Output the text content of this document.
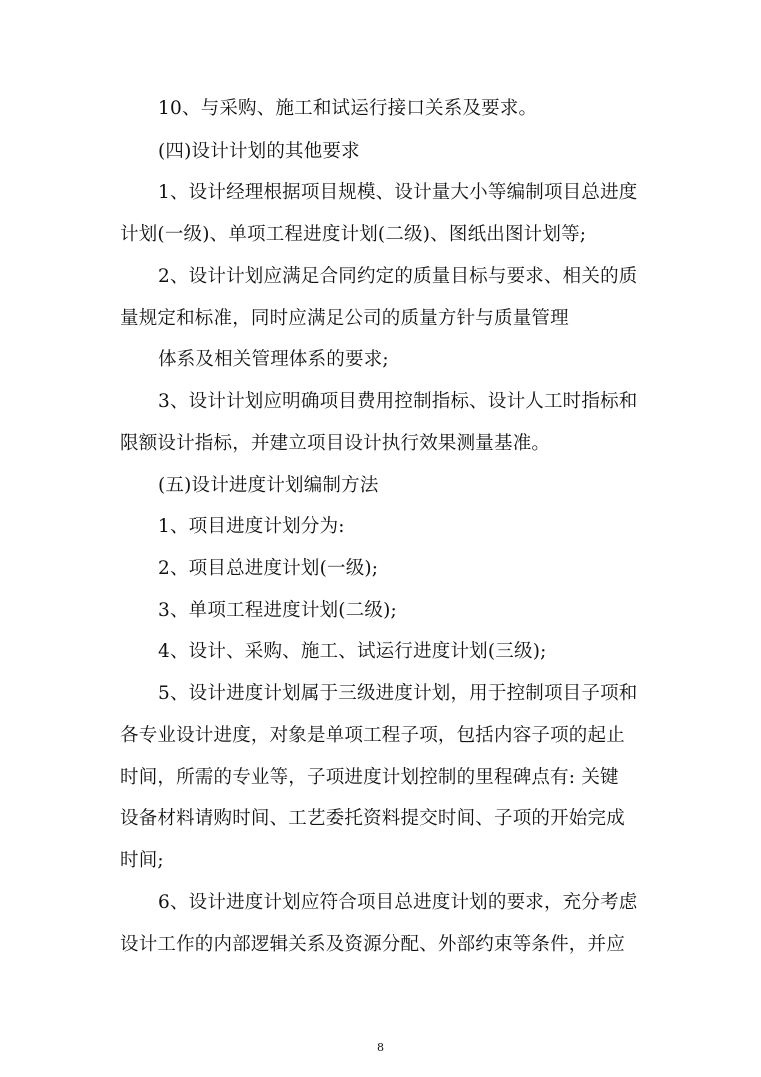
10、与采购、施工和试运行接口关系及要求。
(四)设计计划的其他要求
1、设计经理根据项目规模、设计量大小等编制项目总进度
计划(一级)、单项工程进度计划(二级)、图纸出图计划等;
2、设计计划应满足合同约定的质量目标与要求、相关的质
量规定和标准，同时应满足公司的质量方针与质量管理
体系及相关管理体系的要求;
3、设计计划应明确项目费用控制指标、设计人工时指标和
限额设计指标，并建立项目设计执行效果测量基准。
(五)设计进度计划编制方法
1、项目进度计划分为:
2、项目总进度计划(一级);
3、单项工程进度计划(二级);
4、设计、采购、施工、试运行进度计划(三级);
5、设计进度计划属于三级进度计划，用于控制项目子项和
各专业设计进度，对象是单项工程子项，包括内容子项的起止
时间，所需的专业等，子项进度计划控制的里程碑点有: 关键
设备材料请购时间、工艺委托资料提交时间、子项的开始完成
时间;
6、设计进度计划应符合项目总进度计划的要求，充分考虑
设计工作的内部逻辑关系及资源分配、外部约束等条件，并应
8
